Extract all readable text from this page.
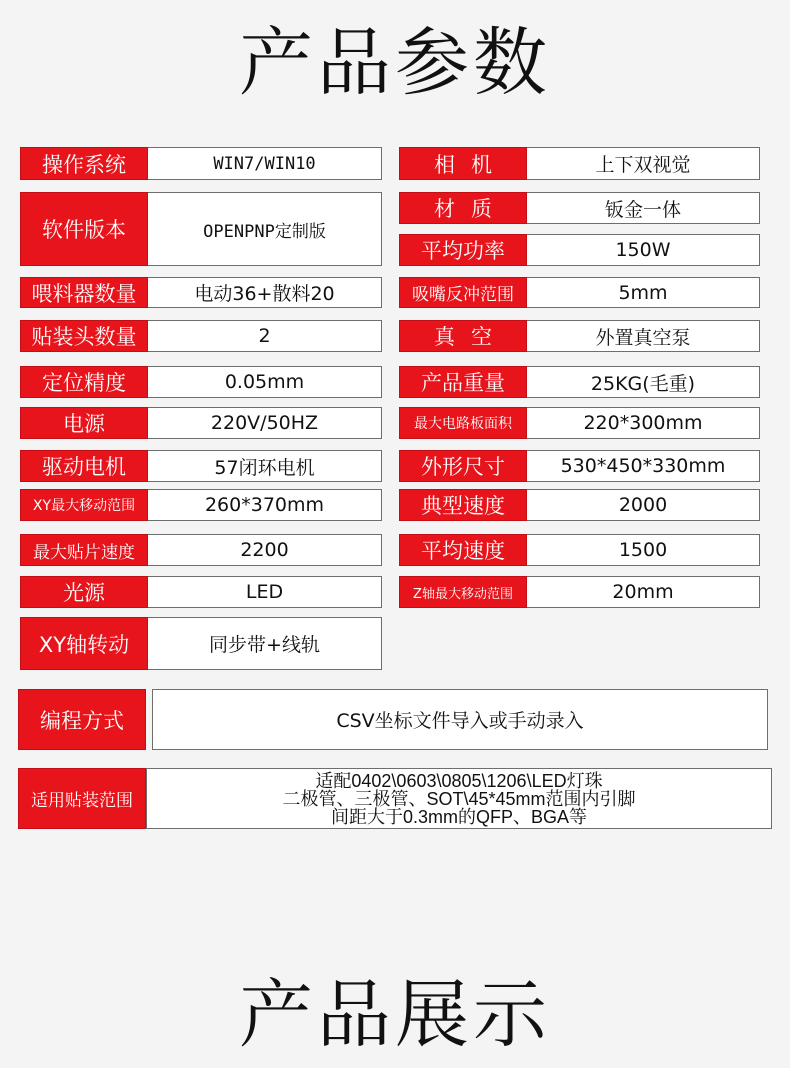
产品参数
操作系统	WIN7/WIN10
软件版本	OPENPNP定制版
喂料器数量	电动36+散料20
贴装头数量	2
定位精度	0.05mm
电源	220V/50HZ
驱动电机	57闭环电机
XY最大移动范围	260*370mm
最大贴片速度	2200
光源	LED
XY轴转动	同步带+线轨
相机	上下双视觉
材质	钣金一体
平均功率	150W
吸嘴反冲范围	5mm
真空	外置真空泵
产品重量	25KG(毛重)
最大电路板面积	220*300mm
外形尺寸	530*450*330mm
典型速度	2000
平均速度	1500
Z轴最大移动范围	20mm
编程方式	CSV坐标文件导入或手动录入
适用贴装范围
适配0402\0603\0805\1206\LED灯珠
二极管、三极管、SOT\45*45mm范围内引脚
间距大于0.3mm的QFP、BGA等
产品展示
